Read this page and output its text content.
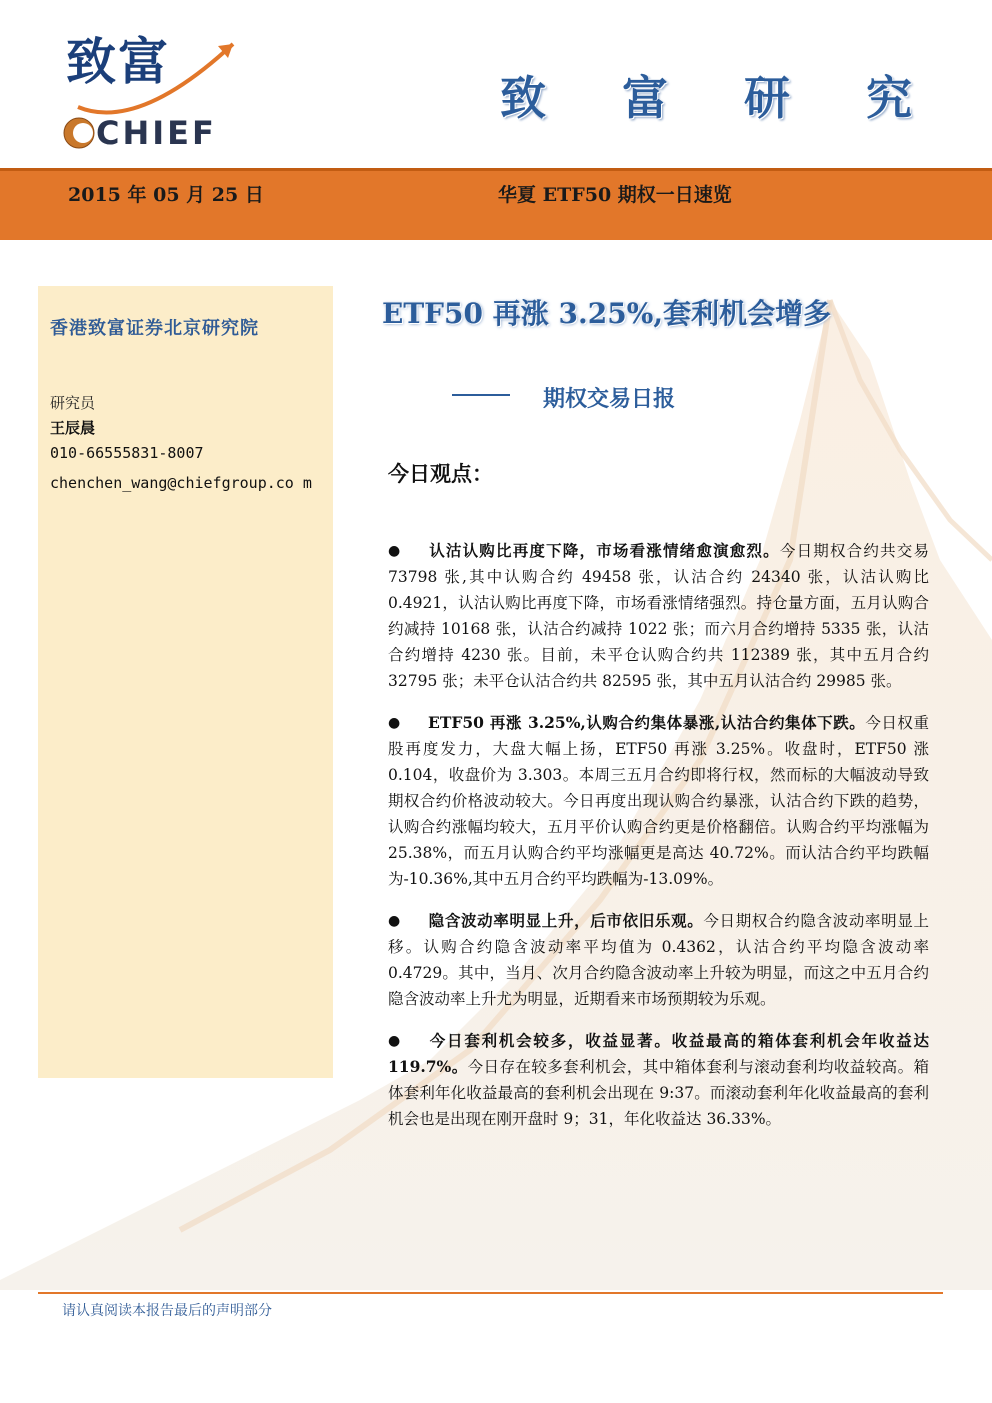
致富
CHIEF
致 富 研 究
2015 年 05 月 25 日	华夏 ETF50 期权一日速览
香港致富证券北京研究院
研究员
王辰晨
010-66555831-8007
chenchen_wang@chiefgroup.co m
ETF50 再涨 3.25%,套利机会增多
期权交易日报
今日观点：

● 认沽认购比再度下降，市场看涨情绪愈演愈烈。今日期权合约共交易 73798 张,其中认购合约 49458 张，认沽合约 24340 张，认沽认购比 0.4921，认沽认购比再度下降，市场看涨情绪强烈。持仓量方面，五月认购合约减持 10168 张，认沽合约减持 1022 张；而六月合约增持 5335 张，认沽合约增持 4230 张。目前，未平仓认购合约共 112389 张，其中五月合约 32795 张；未平仓认沽合约共 82595 张，其中五月认沽合约 29985 张。

● ETF50 再涨 3.25%,认购合约集体暴涨,认沽合约集体下跌。今日权重股再度发力，大盘大幅上扬，ETF50 再涨 3.25%。收盘时，ETF50 涨 0.104，收盘价为 3.303。本周三五月合约即将行权，然而标的大幅波动导致期权合约价格波动较大。今日再度出现认购合约暴涨，认沽合约下跌的趋势，认购合约涨幅均较大，五月平价认购合约更是价格翻倍。认购合约平均涨幅为 25.38%，而五月认购合约平均涨幅更是高达 40.72%。而认沽合约平均跌幅为-10.36%,其中五月合约平均跌幅为-13.09%。

● 隐含波动率明显上升，后市依旧乐观。今日期权合约隐含波动率明显上移。认购合约隐含波动率平均值为 0.4362，认沽合约平均隐含波动率 0.4729。其中，当月、次月合约隐含波动率上升较为明显，而这之中五月合约隐含波动率上升尤为明显，近期看来市场预期较为乐观。

● 今日套利机会较多，收益显著。收益最高的箱体套利机会年收益达 119.7%。今日存在较多套利机会，其中箱体套利与滚动套利均收益较高。箱体套利年化收益最高的套利机会出现在 9:37。而滚动套利年化收益最高的套利机会也是出现在刚开盘时 9；31，年化收益达 36.33%。

请认真阅读本报告最后的声明部分
